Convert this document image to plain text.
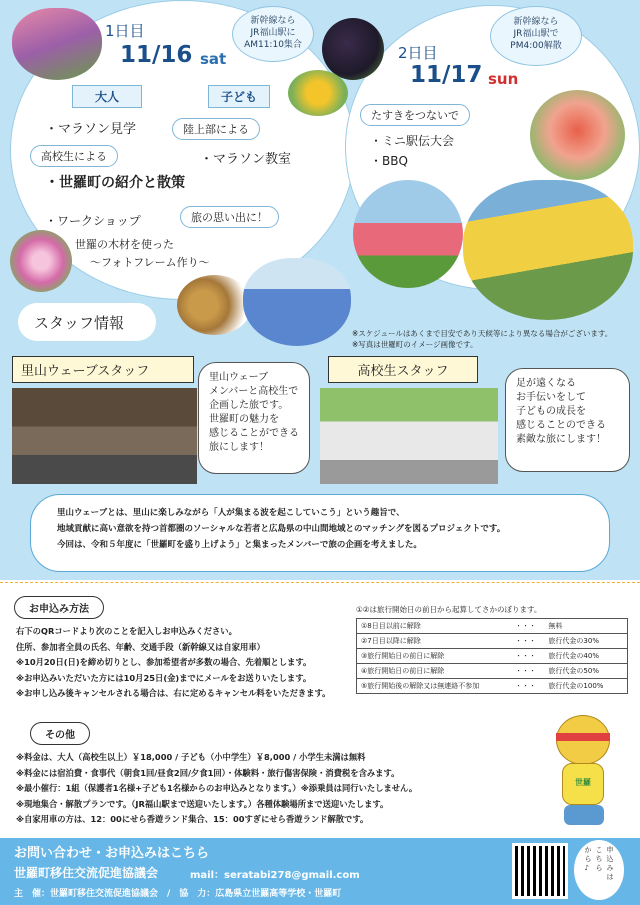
1日目
11/16 sat
新幹線なら
JR福山駅に
AM11:10集合
大人	子ども
・マラソン見学	陸上部による
高校生による	・マラソン教室
・世羅町の紹介と散策
・ワークショップ	旅の思い出に！
世羅の木材を使った
〜フォトフレーム作り〜
2日目
11/17 sun
新幹線なら
JR福山駅で
PM4:00解散
たすきをつないで
・ミニ駅伝大会
・BBQ
※スケジュールはあくまで目安であり天候等により異なる場合がございます。
※写真は世羅町のイメージ画像です。
スタッフ情報
里山ウェーブスタッフ	高校生スタッフ
里山ウェーブ
メンバーと高校生で
企画した旅です。
世羅町の魅力を
感じることができる
旅にします！
足が遠くなる
お手伝いをして
子どもの成長を
感じることのできる
素敵な旅にします！
里山ウェーブとは、里山に楽しみながら「人が集まる波を起こしていこう」という趣旨で、
地域貢献に高い意欲を持つ首都圏のソーシャルな若者と広島県の中山間地域とのマッチングを図るプロジェクトです。
今回は、令和５年度に「世羅町を盛り上げよう」と集まったメンバーで旅の企画を考えました。
お申込み方法
右下のQRコードより次のことを記入しお申込みください。
住所、参加者全員の氏名、年齢、交通手段（新幹線又は自家用車）
※10月20日(日)を締め切りとし、参加希望者が多数の場合、先着順とします。
※お申込みいただいた方には10月25日(金)までにメールをお送りいたします。
※お申し込み後キャンセルされる場合は、右に定めるキャンセル料をいただきます。
①②は旅行開始日の前日から起算してさかのぼります。
①8日目以前に解除	・・・	無料
②7日目以降に解除	・・・	旅行代金の30%
③旅行開始日の前日に解除	・・・	旅行代金の40%
④旅行開始日の前日に解除	・・・	旅行代金の50%
⑤旅行開始後の解除又は無連絡不参加	・・・	旅行代金の100%
その他
※料金は、大人（高校生以上）￥18,000 / 子ども（小中学生）￥8,000 / 小学生未満は無料
※料金には宿泊費・食事代（朝食1回/昼食2回/夕食1回）・体験料・旅行傷害保険・消費税を含みます。
※最小催行：1組（保護者1名様+子ども1名様からのお申込みとなります。）※添乗員は同行いたしません。
※現地集合・解散プランです。（JR福山駅まで送迎いたします。）各種体験場所まで送迎いたします。
※自家用車の方は、12：00にせら香遊ランド集合、15：00すぎにせら香遊ランド解散です。
世羅
お問い合わせ・お申込みはこちら
世羅町移住交流促進協議会	mail：seratabi278@gmail.com
主　催：世羅町移住交流促進協議会　/　協　力：広島県立世羅高等学校・世羅町
申
込
み
は
こ
ち
ら
か
ら
♪
